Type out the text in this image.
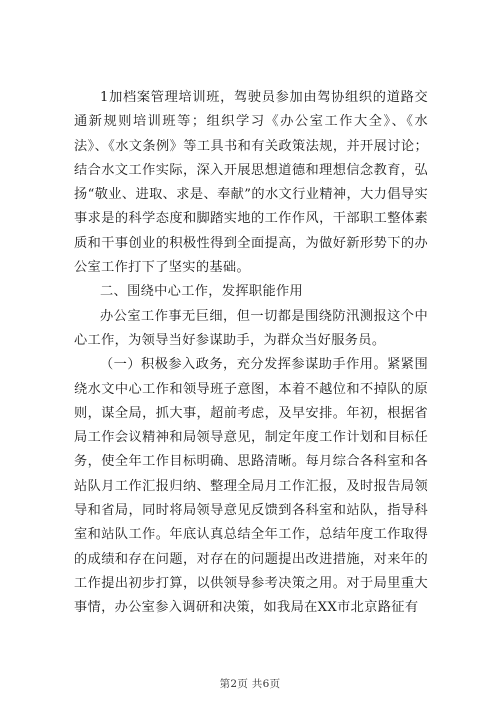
1加档案管理培训班，驾驶员参加由驾协组织的道路交通新规则培训班等；组织学习《办公室工作大全》、《水法》、《水文条例》等工具书和有关政策法规，并开展讨论；结合水文工作实际，深入开展思想道德和理想信念教育，弘扬“敬业、进取、求是、奉献”的水文行业精神，大力倡导实事求是的科学态度和脚踏实地的工作作风，干部职工整体素质和干事创业的积极性得到全面提高，为做好新形势下的办公室工作打下了坚实的基础。

二、围绕中心工作，发挥职能作用

办公室工作事无巨细，但一切都是围绕防汛测报这个中心工作，为领导当好参谋助手，为群众当好服务员。

（一）积极参入政务，充分发挥参谋助手作用。紧紧围绕水文中心工作和领导班子意图，本着不越位和不掉队的原则，谋全局，抓大事，超前考虑，及早安排。年初，根据省局工作会议精神和局领导意见，制定年度工作计划和目标任务，使全年工作目标明确、思路清晰。每月综合各科室和各站队月工作汇报归纳、整理全局月工作汇报，及时报告局领导和省局，同时将局领导意见反馈到各科室和站队，指导科室和站队工作。年底认真总结全年工作，总结年度工作取得的成绩和存在问题，对存在的问题提出改进措施，对来年的工作提出初步打算，以供领导参考决策之用。对于局里重大事情，办公室参入调研和决策，如我局在XX市北京路征有

第2页 共6页
